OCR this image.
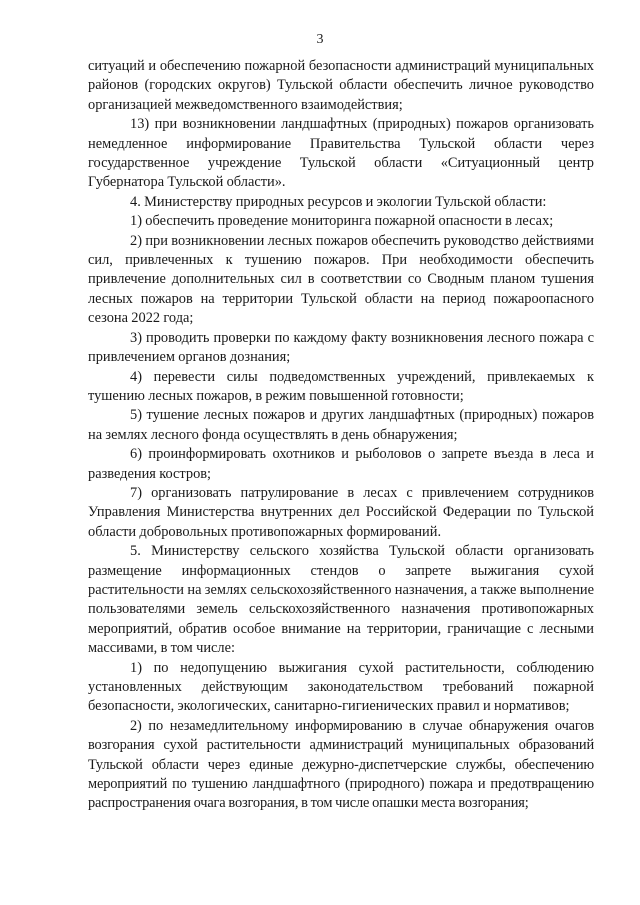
3

ситуаций и обеспечению пожарной безопасности администраций муниципальных районов (городских округов) Тульской области обеспечить личное руководство организацией межведомственного взаимодействия;

13) при возникновении ландшафтных (природных) пожаров организовать немедленное информирование Правительства Тульской области через государственное учреждение Тульской области «Ситуационный центр Губернатора Тульской области».

4. Министерству природных ресурсов и экологии Тульской области:

1) обеспечить проведение мониторинга пожарной опасности в лесах;

2) при возникновении лесных пожаров обеспечить руководство действиями сил, привлеченных к тушению пожаров. При необходимости обеспечить привлечение дополнительных сил в соответствии со Сводным планом тушения лесных пожаров на территории Тульской области на период пожароопасного сезона 2022 года;

3) проводить проверки по каждому факту возникновения лесного пожара с привлечением органов дознания;

4) перевести силы подведомственных учреждений, привлекаемых к тушению лесных пожаров, в режим повышенной готовности;

5) тушение лесных пожаров и других ландшафтных (природных) пожаров на землях лесного фонда осуществлять в день обнаружения;

6) проинформировать охотников и рыболовов о запрете въезда в леса и разведения костров;

7) организовать патрулирование в лесах с привлечением сотрудников Управления Министерства внутренних дел Российской Федерации по Тульской области добровольных противопожарных формирований.

5. Министерству сельского хозяйства Тульской области организовать размещение информационных стендов о запрете выжигания сухой растительности на землях сельскохозяйственного назначения, а также выполнение пользователями земель сельскохозяйственного назначения противопожарных мероприятий, обратив особое внимание на территории, граничащие с лесными массивами, в том числе:

1) по недопущению выжигания сухой растительности, соблюдению установленных действующим законодательством требований пожарной безопасности, экологических, санитарно-гигиенических правил и нормативов;

2) по незамедлительному информированию в случае обнаружения очагов возгорания сухой растительности администраций муниципальных образований Тульской области через единые дежурно-диспетчерские службы, обеспечению мероприятий по тушению ландшафтного (природного) пожара и предотвращению распространения очага возгорания, в том числе опашки места возгорания;
